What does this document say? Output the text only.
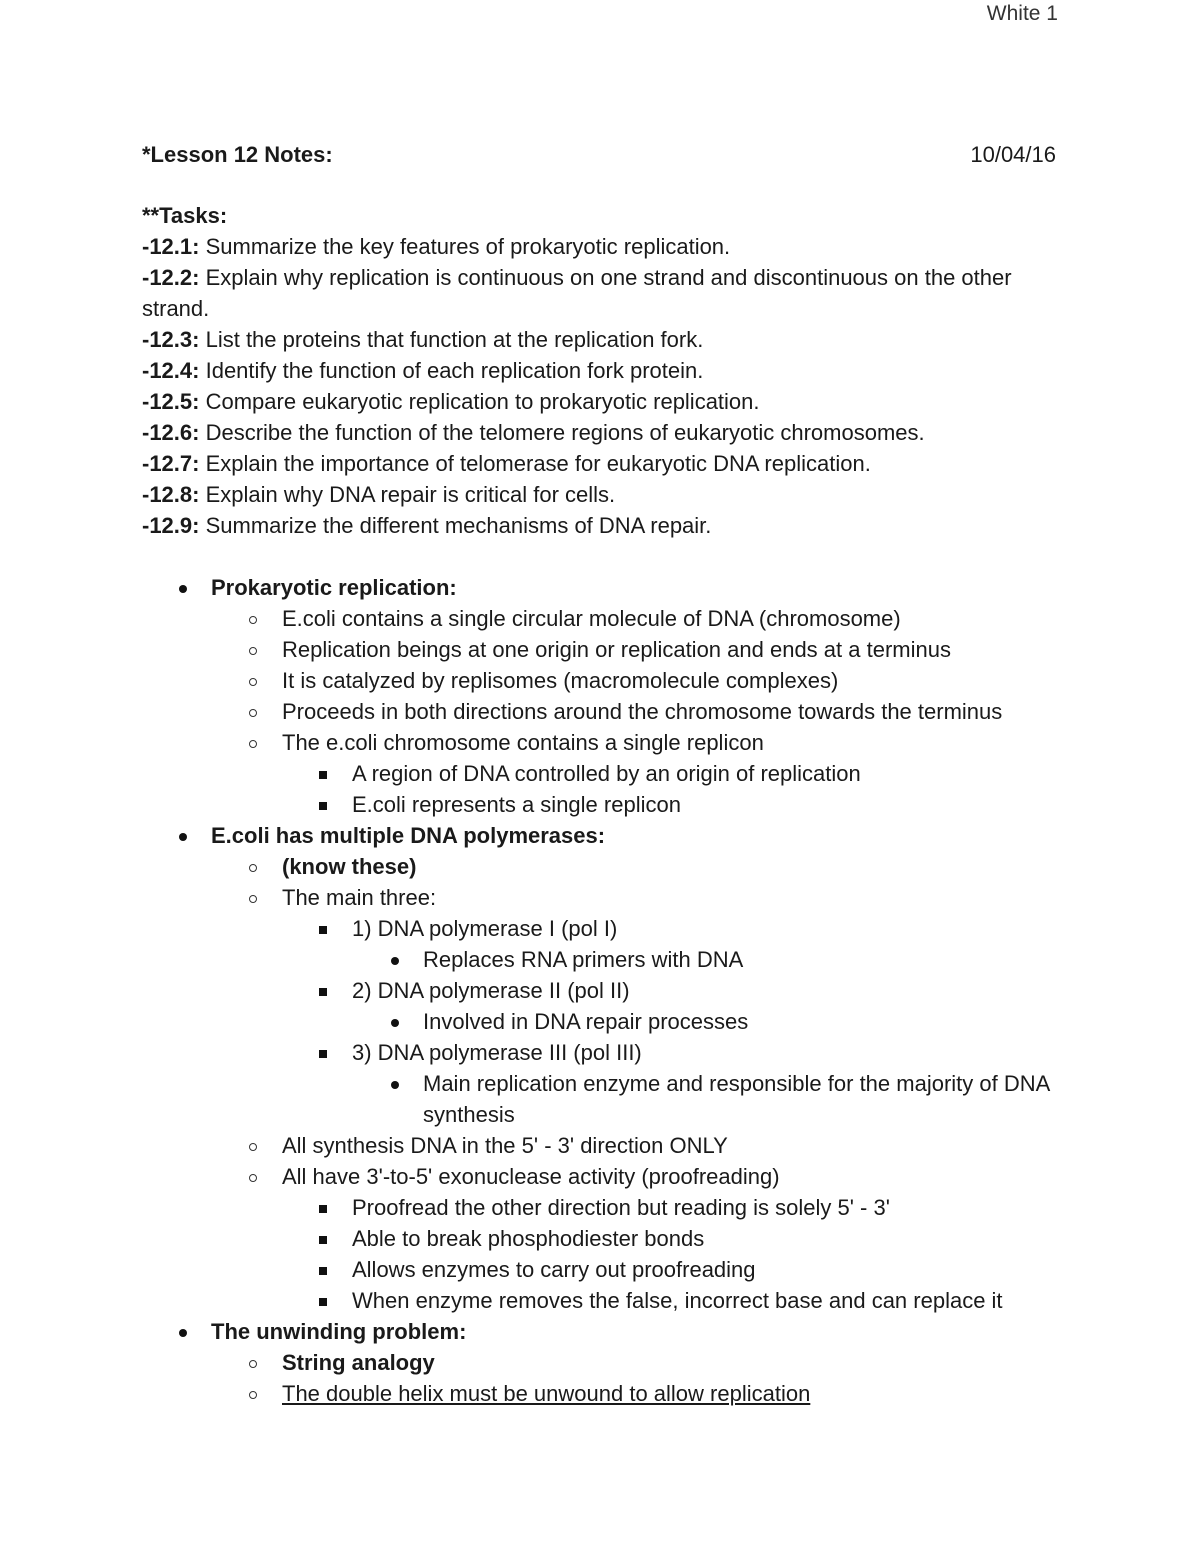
White 1
*Lesson 12 Notes:	10/04/16
**Tasks:
-12.1: Summarize the key features of prokaryotic replication.
-12.2: Explain why replication is continuous on one strand and discontinuous on the other strand.
-12.3: List the proteins that function at the replication fork.
-12.4: Identify the function of each replication fork protein.
-12.5: Compare eukaryotic replication to prokaryotic replication.
-12.6: Describe the function of the telomere regions of eukaryotic chromosomes.
-12.7: Explain the importance of telomerase for eukaryotic DNA replication.
-12.8: Explain why DNA repair is critical for cells.
-12.9: Summarize the different mechanisms of DNA repair.
Prokaryotic replication:
E.coli contains a single circular molecule of DNA (chromosome)
Replication beings at one origin or replication and ends at a terminus
It is catalyzed by replisomes (macromolecule complexes)
Proceeds in both directions around the chromosome towards the terminus
The e.coli chromosome contains a single replicon
A region of DNA controlled by an origin of replication
E.coli represents a single replicon
E.coli has multiple DNA polymerases:
(know these)
The main three:
1) DNA polymerase I (pol I)
Replaces RNA primers with DNA
2) DNA polymerase II (pol II)
Involved in DNA repair processes
3) DNA polymerase III (pol III)
Main replication enzyme and responsible for the majority of DNA synthesis
All synthesis DNA in the 5' - 3' direction ONLY
All have 3'-to-5' exonuclease activity (proofreading)
Proofread the other direction but reading is solely 5' - 3'
Able to break phosphodiester bonds
Allows enzymes to carry out proofreading
When enzyme removes the false, incorrect base and can replace it
The unwinding problem:
String analogy
The double helix must be unwound to allow replication
